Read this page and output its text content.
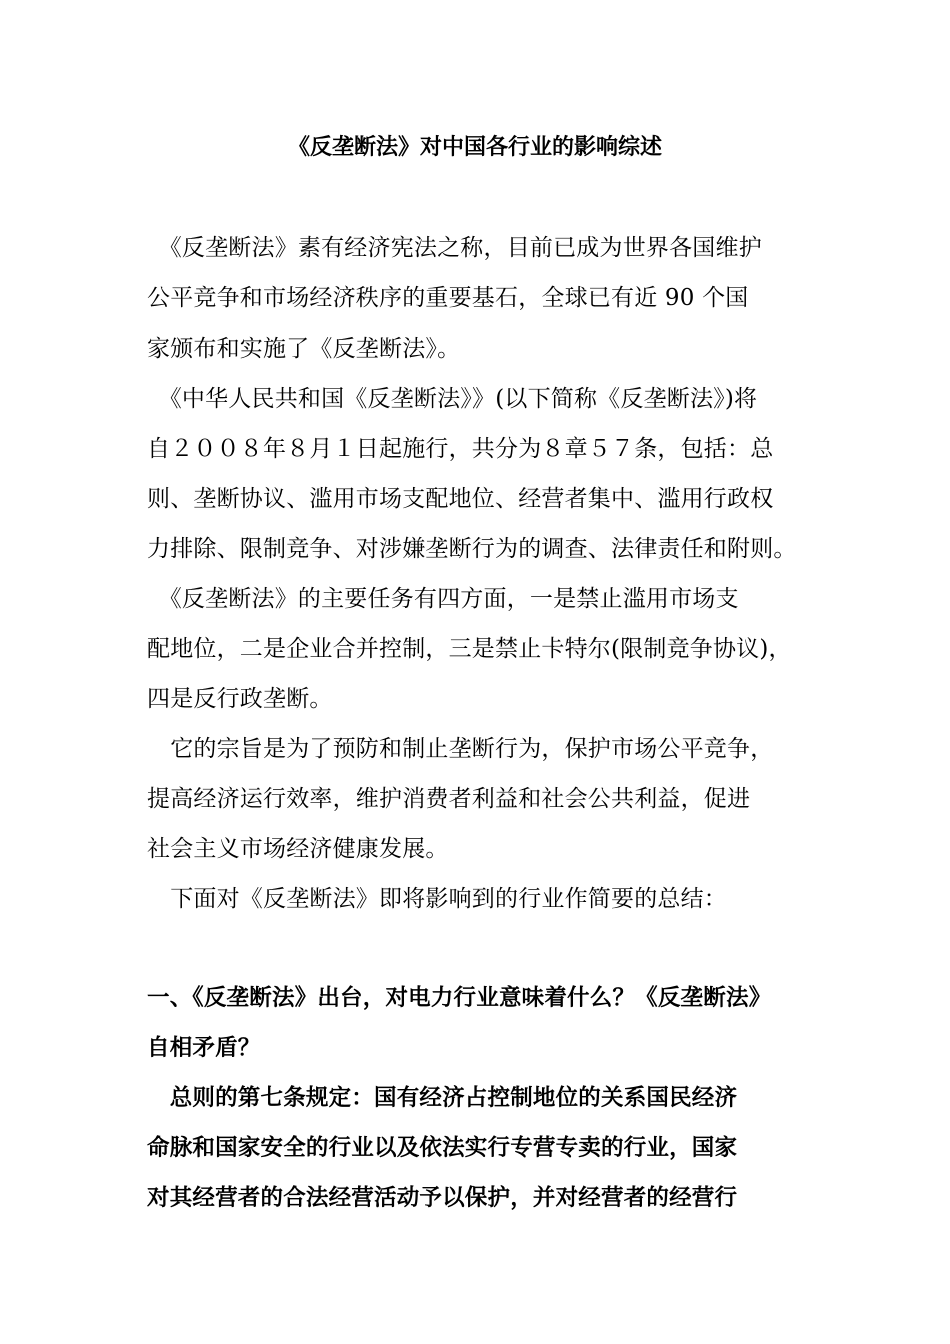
《反垄断法》对中国各行业的影响综述
　《反垄断法》素有经济宪法之称，目前已成为世界各国维护
公平竞争和市场经济秩序的重要基石，全球已有近 90 个国
家颁布和实施了《反垄断法》。
　《中华人民共和国《反垄断法》》(以下简称《反垄断法》)将
自２００８年８月１日起施行，共分为８章５７条，包括：总
则、垄断协议、滥用市场支配地位、经营者集中、滥用行政权
力排除、限制竞争、对涉嫌垄断行为的调查、法律责任和附则。
　《反垄断法》的主要任务有四方面，一是禁止滥用市场支
配地位，二是企业合并控制，三是禁止卡特尔(限制竞争协议)，
四是反行政垄断。
　它的宗旨是为了预防和制止垄断行为，保护市场公平竞争，
提高经济运行效率，维护消费者利益和社会公共利益，促进
社会主义市场经济健康发展。
　下面对《反垄断法》即将影响到的行业作简要的总结：
一、《反垄断法》出台，对电力行业意味着什么？《反垄断法》
自相矛盾？
　总则的第七条规定：国有经济占控制地位的关系国民经济
命脉和国家安全的行业以及依法实行专营专卖的行业，国家
对其经营者的合法经营活动予以保护，并对经营者的经营行
